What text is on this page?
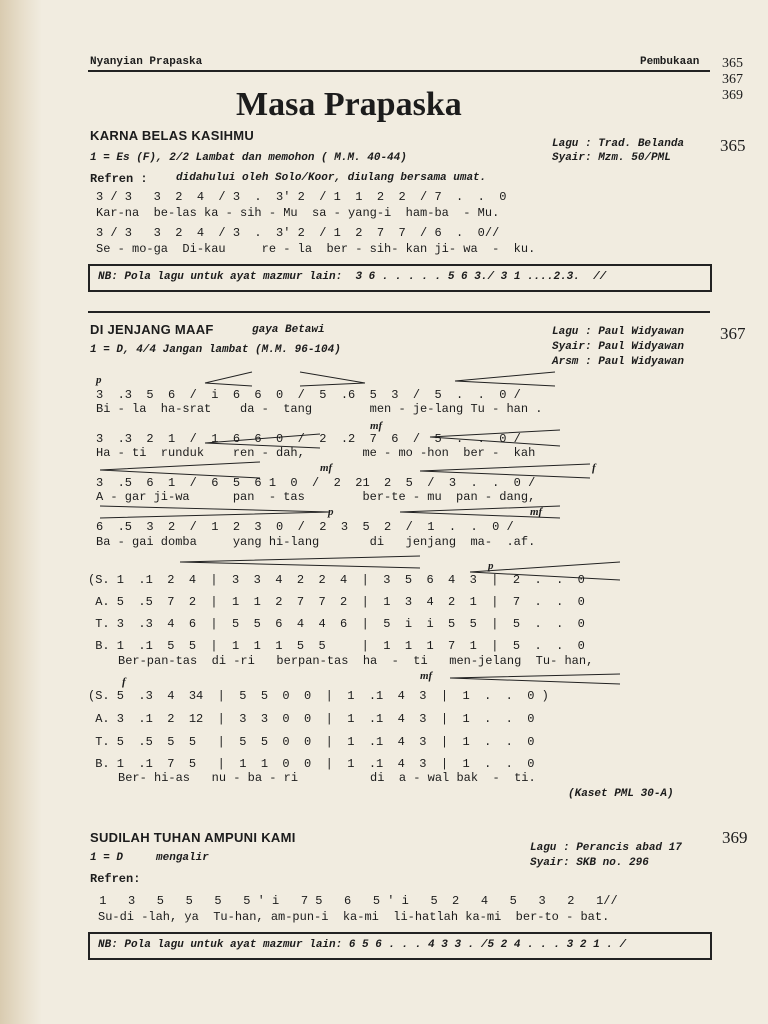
Nyanyian Prapaska	Pembukaan 365
367
369
Masa Prapaska
KARNA BELAS KASIHMU
1 = Es (F), 2/2 Lambat dan memohon ( M.M. 40-44)
Lagu : Trad. Belanda
Syair: Mzm. 50/PML
365
Refren :	didahului oleh Solo/Koor, diulang bersama umat.
3 / 3   3  2  4  / 3  .  3' 2  / 1  1  2  2  / 7  .  .  0
Kar-na  be-las ka - sih - Mu  sa - yang-i  ham-ba  - Mu.
3 / 3   3  2  4  / 3  .  3' 2  / 1  2  7  7  / 6  .  0//
Se - mo-ga  Di-kau     re - la  ber - sih- kan ji- wa  -  ku.
NB: Pola lagu untuk ayat mazmur lain:  3 6 . . . . . 5 6 3./ 3 1 ....2.3.  //
DI JENJANG MAAF	gaya Betawi
1 = D, 4/4 Jangan lambat (M.M. 96-104)
Lagu : Paul Widyawan
Syair: Paul Widyawan
Arsm : Paul Widyawan
367
p
3  .3  5  6  /  i  6  6  0  /  5  .6  5  3  /  5  .  .  0 /
Bi - la  ha-srat    da -  tang        men - je-lang Tu - han .
mf
3  .3  2  1  /  1  6  6  0  /  2  .2  7  6  /  5  .  .  0 /
Ha - ti  runduk    ren - dah,        me - mo -hon  ber -  kah
mf	f
3  .5  6  1  /  6  5  6 1  0  /  2  21  2  5  /  3  .  .  0 /
A - gar ji-wa      pan  - tas        ber-te - mu  pan - dang,
p	mf
6  .5  3  2  /  1  2  3  0  /  2  3  5  2  /  1  .  .  0 /
Ba - gai domba     yang hi-lang       di   jenjang  ma-  .af.
p
(S. 1  .1  2  4  |  3  3  4  2  2  4  |  3  5  6  4  3  |  2  .  .  0
A. 5  .5  7  2  |  1  1  2  7  7  2  |  1  3  4  2  1  |  7  .  .  0
T. 3  .3  4  6  |  5  5  6  4  4  6  |  5  i  i  5  5  |  5  .  .  0
B. 1  .1  5  5  |  1  1  1  5  5     |  1  1  1  7  1  |  5  .  .  0
Ber-pan-tas  di -ri   berpan-tas  ha  -  ti   men-jelang  Tu- han,
f	mf
(S. 5  .3  4  34  |  5  5  0  0  |  1  .1  4  3  |  1  .  .  0 )
A. 3  .1  2  12  |  3  3  0  0  |  1  .1  4  3  |  1  .  .  0
T. 5  .5  5  5   |  5  5  0  0  |  1  .1  4  3  |  1  .  .  0
B. 1  .1  7  5   |  1  1  0  0  |  1  .1  4  3  |  1  .  .  0
Ber- hi-as   nu - ba - ri          di  a - wal bak  -  ti.
(Kaset PML 30-A)
SUDILAH TUHAN AMPUNI KAMI
1 = D     mengalir
Lagu : Perancis abad 17
Syair: SKB no. 296
369
Refren:
1   3   5   5   5   5 ' i   7 5   6   5 ' i   5  2   4   5   3   2   1//
Su-di -lah, ya  Tu-han, am-pun-i  ka-mi  li-hatlah ka-mi  ber-to - bat.
NB: Pola lagu untuk ayat mazmur lain: 6 5 6 . . . 4 3 3 . /5 2 4 . . . 3 2 1 . /
